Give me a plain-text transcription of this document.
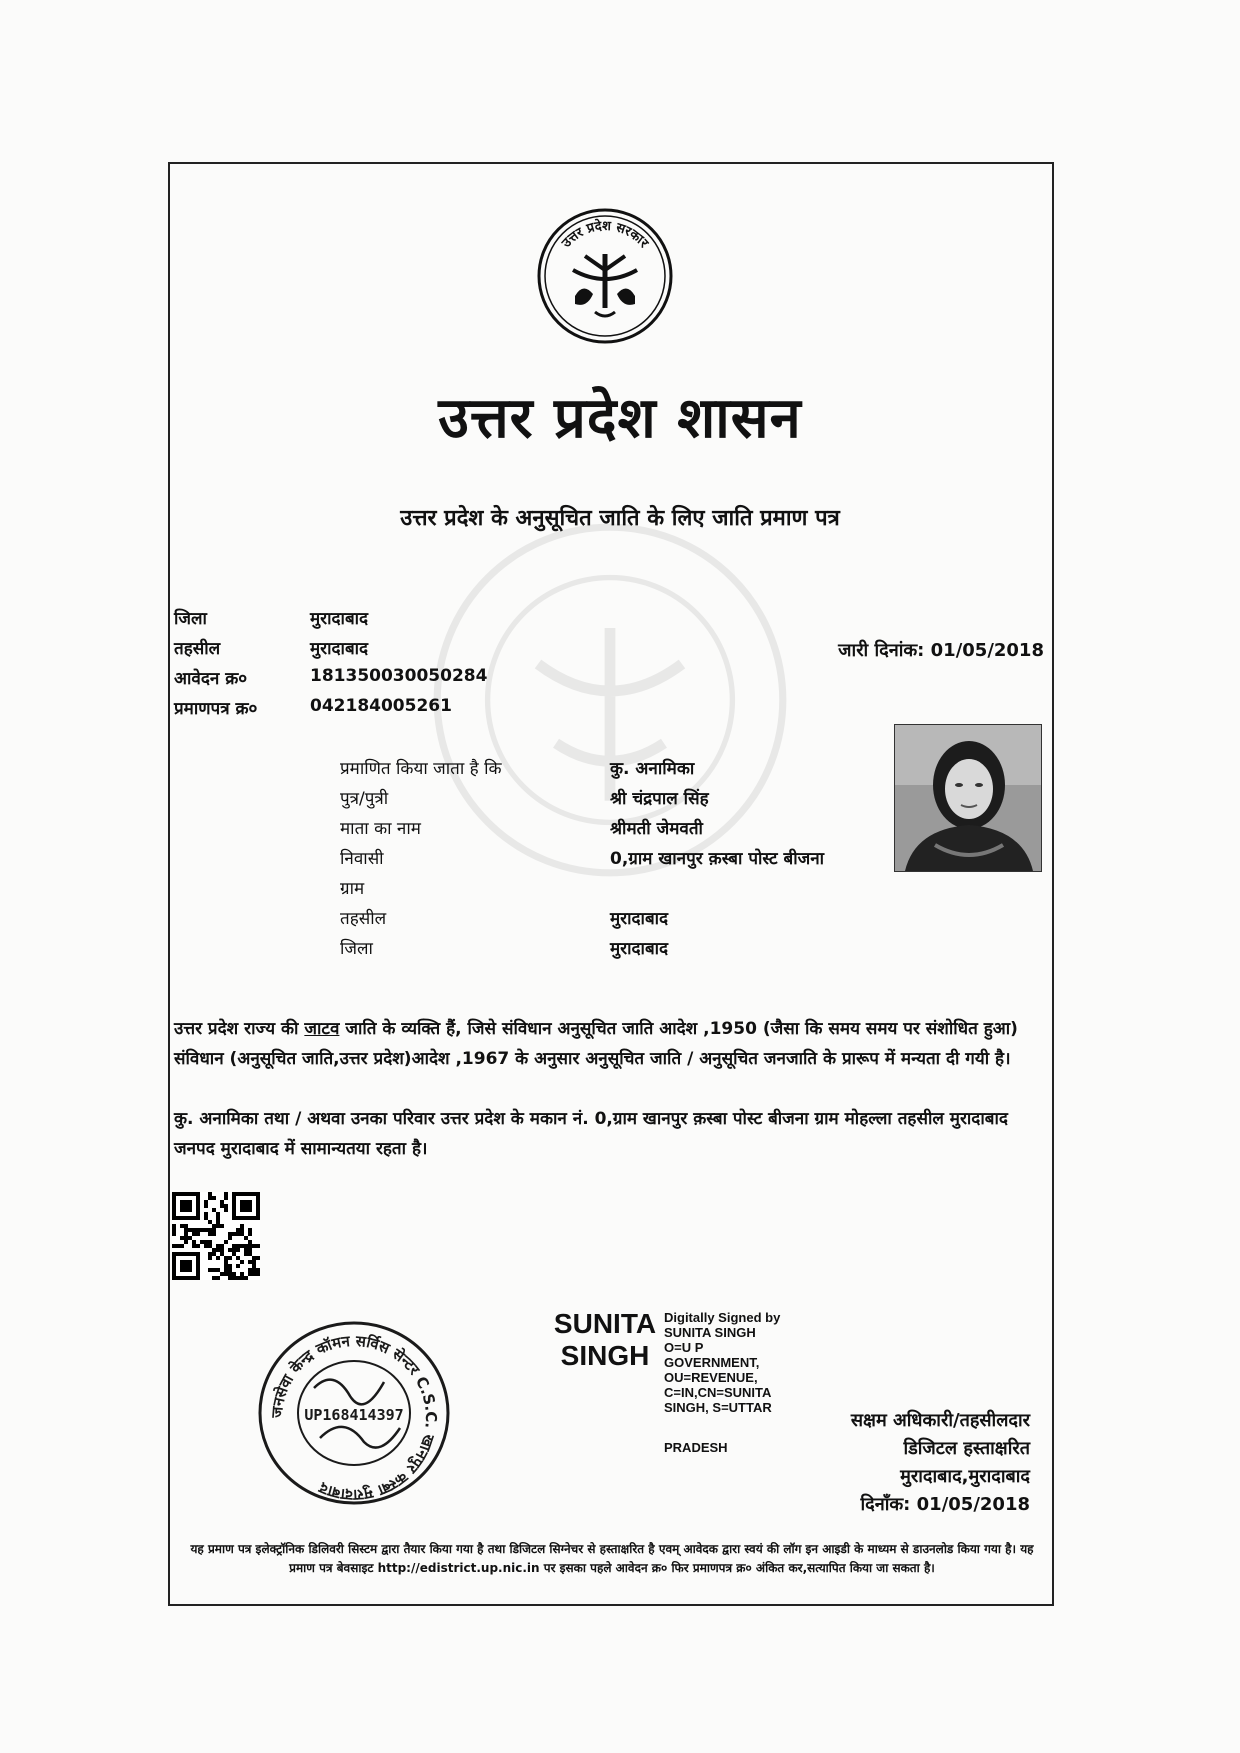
उत्तर प्रदेश सरकार
उत्तर प्रदेश शासन
उत्तर प्रदेश के अनुसूचित जाति के लिए जाति प्रमाण पत्र
जिला	मुरादाबाद
तहसील	मुरादाबाद
आवेदन क्र०	181350030050284
प्रमाणपत्र क्र०	042184005261
जारी दिनांक: 01/05/2018
प्रमाणित किया जाता है कि	कु. अनामिका
पुत्र/पुत्री	श्री चंद्रपाल सिंह
माता का नाम	श्रीमती जेमवती
निवासी	0,ग्राम खानपुर क़स्बा पोस्ट बीजना
ग्राम
तहसील	मुरादाबाद
जिला	मुरादाबाद
उत्तर प्रदेश राज्य की जाटव जाति के व्यक्ति हैं, जिसे संविधान अनुसूचित जाति आदेश ,1950 (जैसा कि समय समय पर संशोधित हुआ) संविधान (अनुसूचित जाति,उत्तर प्रदेश)आदेश ,1967 के अनुसार अनुसूचित जाति / अनुसूचित जनजाति के प्रारूप में मन्यता दी गयी है।
कु. अनामिका तथा / अथवा उनका परिवार उत्तर प्रदेश के मकान नं. 0,ग्राम खानपुर क़स्बा पोस्ट बीजना ग्राम मोहल्ला तहसील मुरादाबाद जनपद मुरादाबाद में सामान्यतया रहता है।
SUNITA SINGH
Digitally Signed by
SUNITA SINGH
O=U P
GOVERNMENT,
OU=REVENUE,
C=IN,CN=SUNITA
SINGH, S=UTTAR
PRADESH
सक्षम अधिकारी/तहसीलदार
डिजिटल हस्ताक्षरित
मुरादाबाद,मुरादाबाद
दिनाँक: 01/05/2018
जनसेवा केन्द्र कॉमन सर्विस सेन्टर C.S.C. खानपुर कस्बा मुरादाबाद
UP168414397
यह प्रमाण पत्र इलेक्ट्रॉनिक डिलिवरी सिस्टम द्वारा तैयार किया गया है तथा डिजिटल सिग्नेचर से हस्ताक्षरित है एवम् आवेदक द्वारा स्वयं की लॉग इन आइडी के माध्यम से डाउनलोड किया गया है। यह प्रमाण पत्र बेवसाइट http://edistrict.up.nic.in पर इसका पहले आवेदन क्र० फिर प्रमाणपत्र क्र० अंकित कर,सत्यापित किया जा सकता है।
